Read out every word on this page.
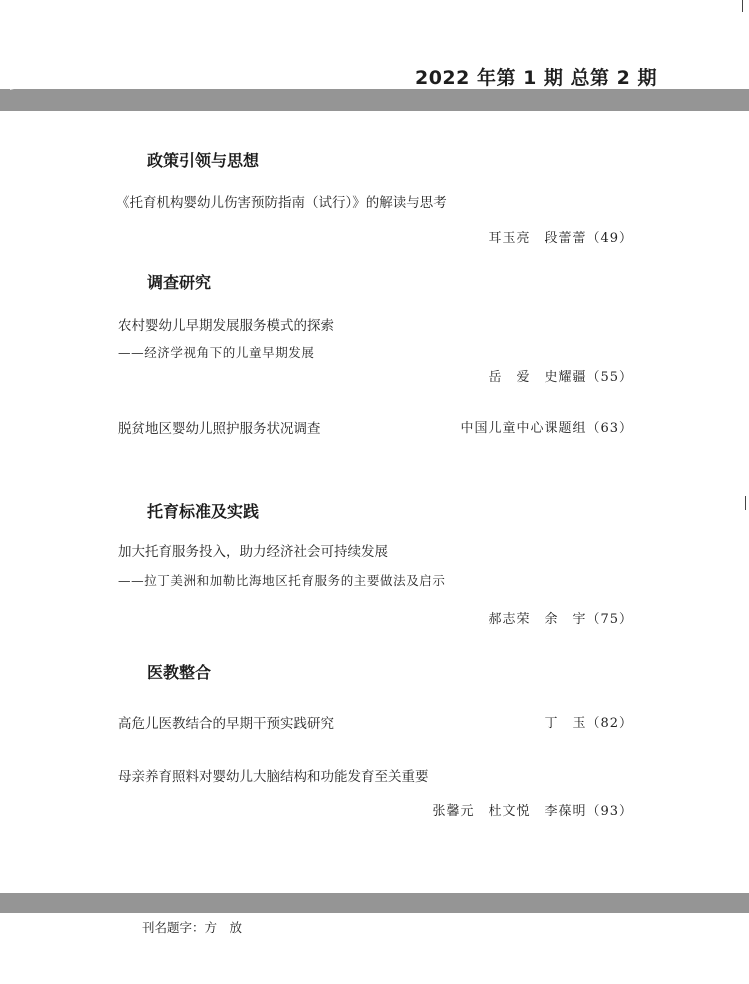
2022 年第 1 期 总第 2 期
政策引领与思想
《托育机构婴幼儿伤害预防指南（试行）》的解读与思考
耳玉亮　段蕾蕾（49）
调查研究
农村婴幼儿早期发展服务模式的探索
——经济学视角下的儿童早期发展
岳　爱　史耀疆（55）
脱贫地区婴幼儿照护服务状况调查	中国儿童中心课题组（63）
托育标准及实践
加大托育服务投入，助力经济社会可持续发展
——拉丁美洲和加勒比海地区托育服务的主要做法及启示
郝志荣　余　宇（75）
医教整合
高危儿医教结合的早期干预实践研究	丁　玉（82）
母亲养育照料对婴幼儿大脑结构和功能发育至关重要
张馨元　杜文悦　李葆明（93）
刊名题字：方　放
